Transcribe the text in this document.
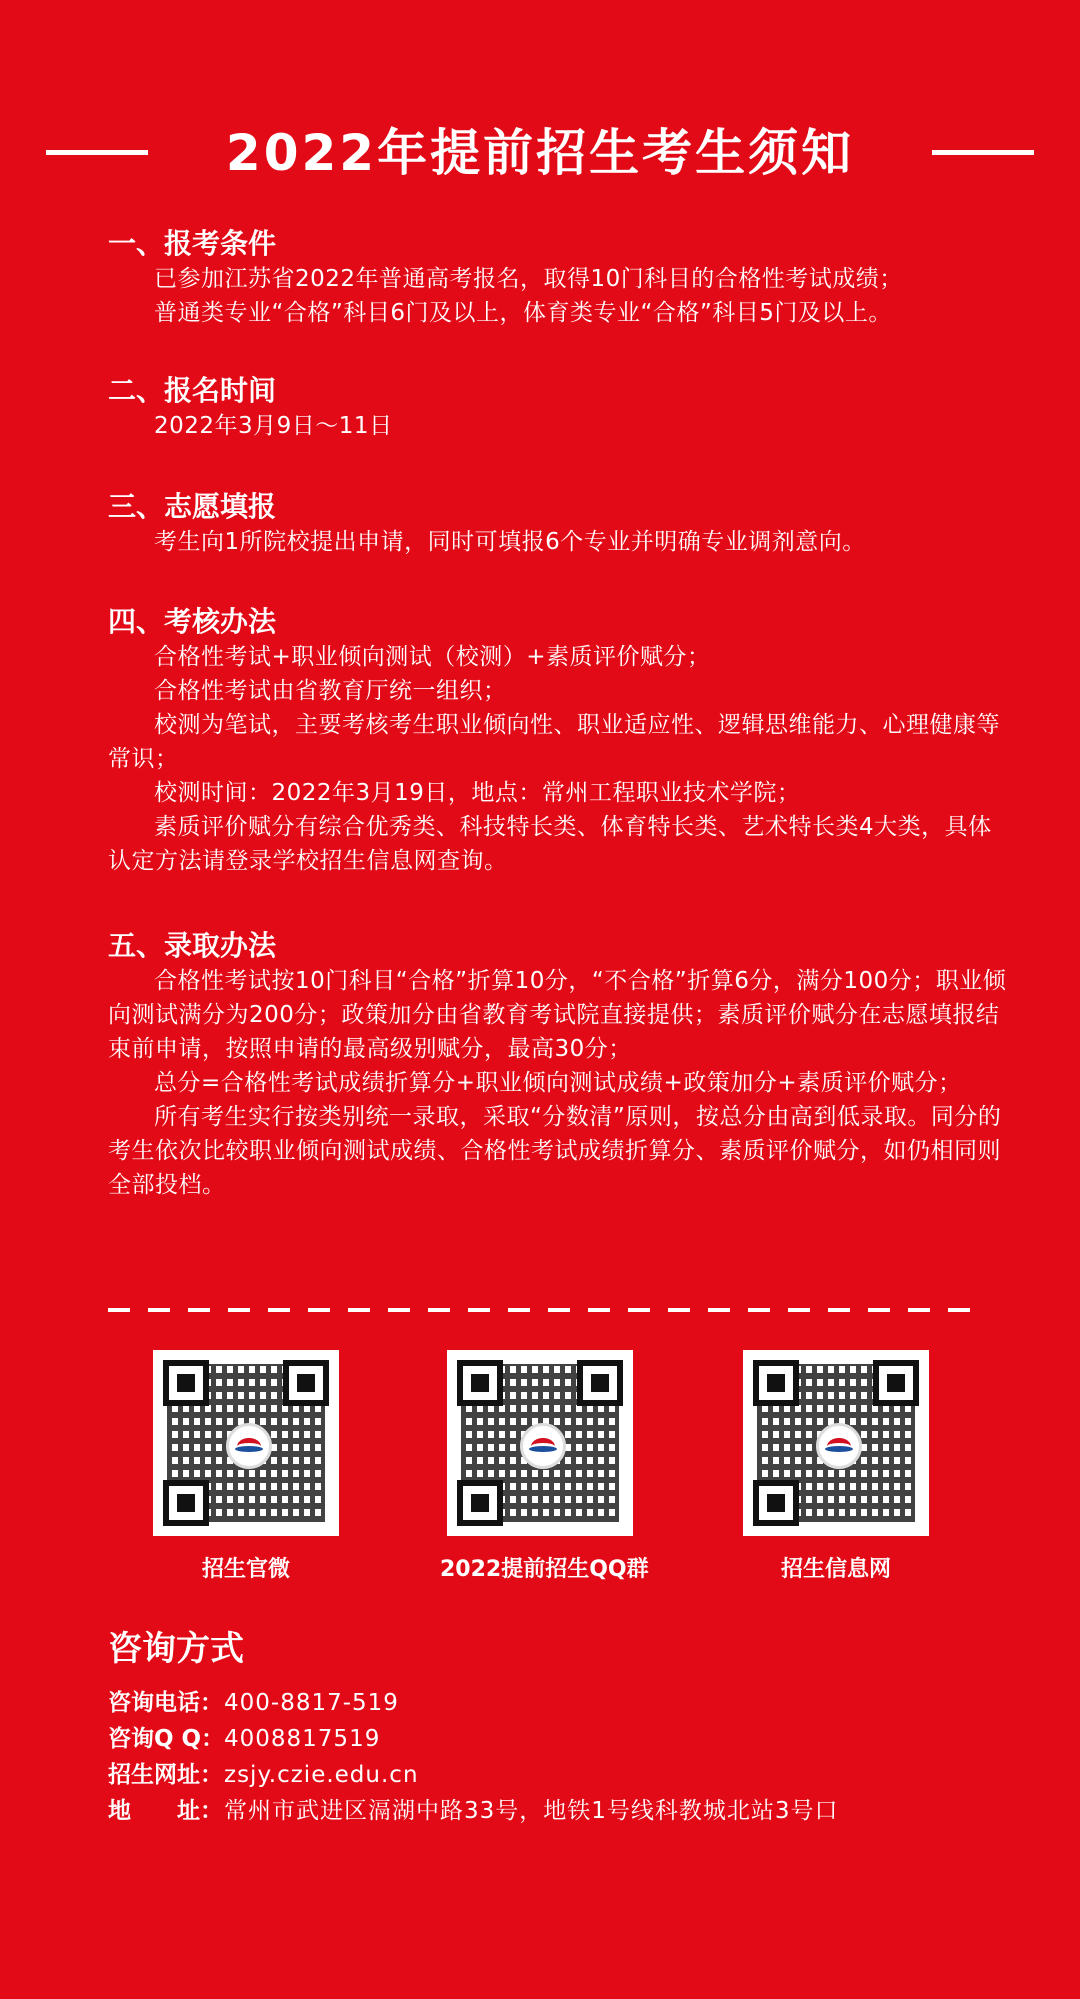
2022年提前招生考生须知

一、报考条件

已参加江苏省2022年普通高考报名，取得10门科目的合格性考试成绩；

普通类专业“合格”科目6门及以上，体育类专业“合格”科目5门及以上。

二、报名时间

2022年3月9日～11日

三、志愿填报

考生向1所院校提出申请，同时可填报6个专业并明确专业调剂意向。

四、考核办法

合格性考试+职业倾向测试（校测）+素质评价赋分；

合格性考试由省教育厅统一组织；

校测为笔试，主要考核考生职业倾向性、职业适应性、逻辑思维能力、心理健康等常识；

校测时间：2022年3月19日，地点：常州工程职业技术学院；

素质评价赋分有综合优秀类、科技特长类、体育特长类、艺术特长类4大类，具体认定方法请登录学校招生信息网查询。

五、录取办法

合格性考试按10门科目“合格”折算10分，“不合格”折算6分，满分100分；职业倾向测试满分为200分；政策加分由省教育考试院直接提供；素质评价赋分在志愿填报结束前申请，按照申请的最高级别赋分，最高30分；

总分=合格性考试成绩折算分+职业倾向测试成绩+政策加分+素质评价赋分；

所有考生实行按类别统一录取，采取“分数清”原则，按总分由高到低录取。同分的考生依次比较职业倾向测试成绩、合格性考试成绩折算分、素质评价赋分，如仍相同则全部投档。

招生官微	2022提前招生QQ群	招生信息网
咨询方式
咨询电话： 400-8817-519
咨询Q Q： 4008817519
招生网址： zsjy.czie.edu.cn
地　　址： 常州市武进区滆湖中路33号，地铁1号线科教城北站3号口
